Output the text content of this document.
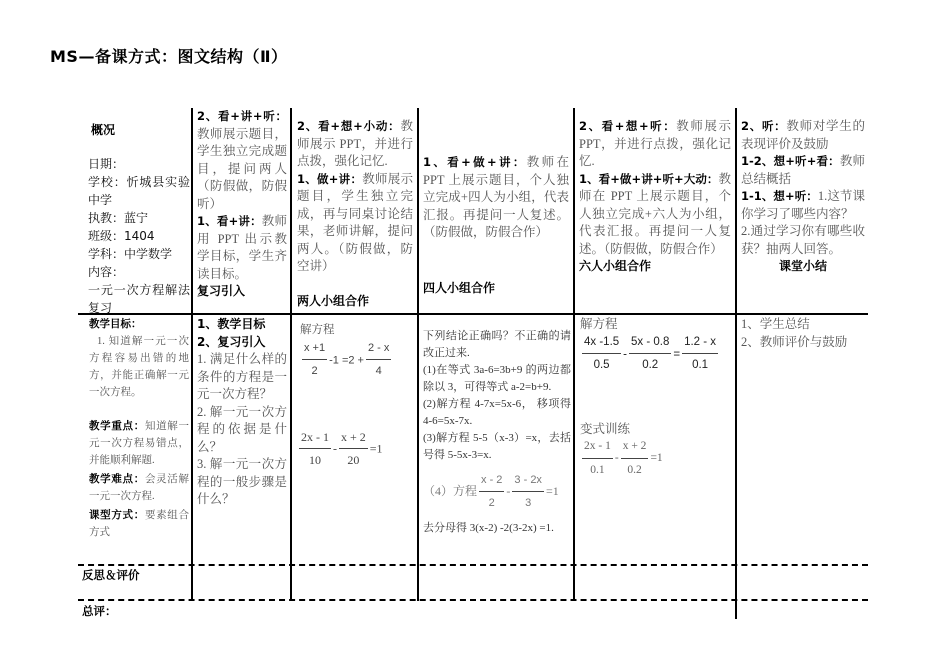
MS—备课方式：图文结构（Ⅱ）

概况

日期：

学校：忻城县实验中学

执教：蓝宁

班级：1404

学科：中学数学

内容：

一元一次方程解法复习

2、看+讲+听：教师展示题目，学生独立完成题目，提问两人（防假做，防假听）

1、看+讲：教师用 PPT 出示教学目标，学生齐读目标。

复习引入

2、看+想+小动：教师展示 PPT，并进行点拨，强化记忆.

1、做+讲：教师展示题目，学生独立完成，再与同桌讨论结果，老师讲解，提问两人。（防假做，防空讲）

两人小组合作

1、看+做+讲：教师在 PPT 上展示题目，个人独立完成+四人为小组，代表汇报。再提问一人复述。（防假做，防假合作）

四人小组合作

2、看+想+听：教师展示 PPT，并进行点拨，强化记忆.

1、看+做+讲+听+大动：教师在 PPT 上展示题目，个人独立完成+六人为小组，代表汇报。再提问一人复述。（防假做，防假合作）

六人小组合作

2、听：教师对学生的表现评价及鼓励

1-2、想+听+看：教师总结概括

1-1、想+听：1.这节课你学习了哪些内容？

2.通过学习你有哪些收获？抽两人回答。

课堂小结

教学目标：

1. 知道解一元一次方程容易出错的地方，并能正确解一元一次方程。

教学重点：知道解一元一次方程易错点，并能顺利解题.

教学难点：会灵活解一元一次方程.

课型方式：要素组合方式

1、教学目标

2、复习引入

1. 满足什么样的条件的方程是一元一次方程？

2. 解一元一次方程的依据是什么？

3. 解一元一次方程的一般步骤是什么？

解方程

$\frac{x +1}{2} -1 =2 + \frac{2 - x}{4}$
$\frac{2x - 1}{10} - \frac{x + 2}{20} =1$

下列结论正确吗？不正确的请改正过来.

(1)在等式 3a-6=3b+9 的两边都除以 3，可得等式 a-2=b+9.

(2)解方程 4-7x=5x-6， 移项得 4-6=5x-7x.

(3)解方程 5-5（x-3）=x，去括号得 5-5x-3=x.

（4）方程 $\frac{x - 2}{2} - \frac{3 - 2x}{3} =1$

去分母得 3(x-2) -2(3-2x) =1.

解方程

$\frac{4x -1.5}{0.5} - \frac{5x - 0.8}{0.2} = \frac{1.2 - x}{0.1}$

变式训练

$\frac{2x - 1}{0.1} - \frac{x + 2}{0.2} =1$

1、学生总结

2、教师评价与鼓励

反思＆评价
总评：
